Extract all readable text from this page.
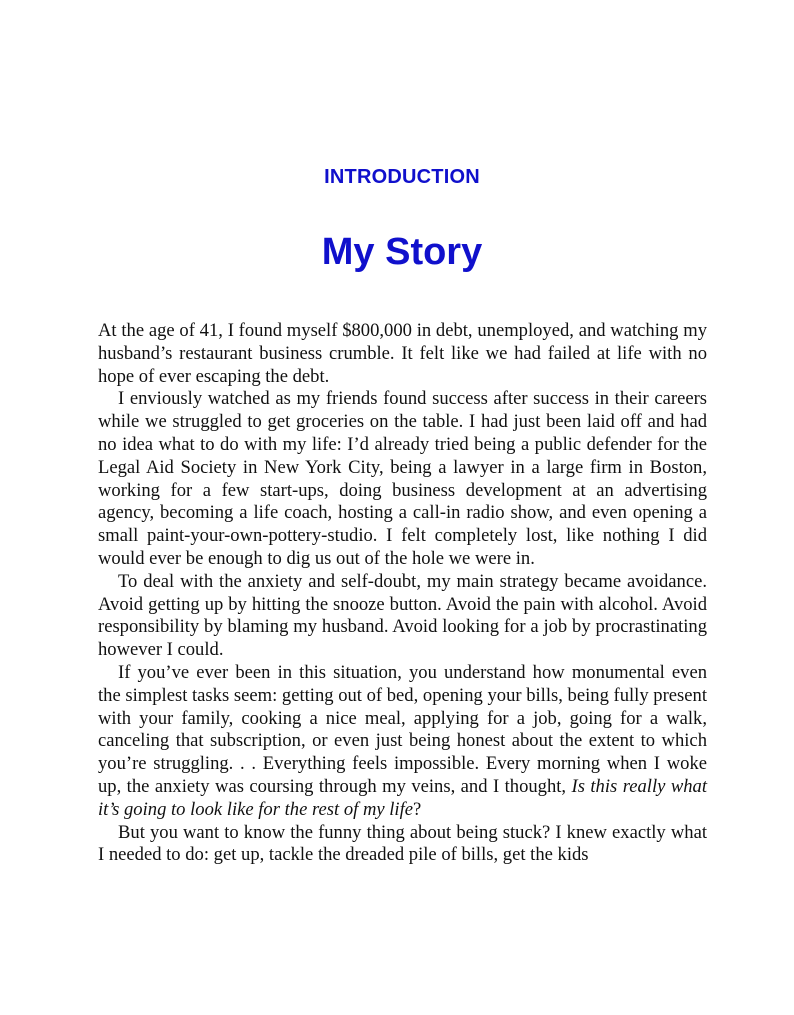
INTRODUCTION
My Story

At the age of 41, I found myself $800,000 in debt, unemployed, and watching my husband’s restaurant business crumble. It felt like we had failed at life with no hope of ever escaping the debt.

I enviously watched as my friends found success after success in their careers while we struggled to get groceries on the table. I had just been laid off and had no idea what to do with my life: I’d already tried being a public defender for the Legal Aid Society in New York City, being a lawyer in a large firm in Boston, working for a few start-ups, doing business development at an advertising agency, becoming a life coach, hosting a call-in radio show, and even opening a small paint-your-own-pottery-studio. I felt completely lost, like nothing I did would ever be enough to dig us out of the hole we were in.

To deal with the anxiety and self-doubt, my main strategy became avoidance. Avoid getting up by hitting the snooze button. Avoid the pain with alcohol. Avoid responsibility by blaming my husband. Avoid looking for a job by procrastinating however I could.

If you’ve ever been in this situation, you understand how monumental even the simplest tasks seem: getting out of bed, opening your bills, being fully present with your family, cooking a nice meal, applying for a job, going for a walk, canceling that subscription, or even just being honest about the extent to which you’re struggling. . . Everything feels impossible. Every morning when I woke up, the anxiety was coursing through my veins, and I thought, Is this really what it’s going to look like for the rest of my life?

But you want to know the funny thing about being stuck? I knew exactly what I needed to do: get up, tackle the dreaded pile of bills, get the kids
